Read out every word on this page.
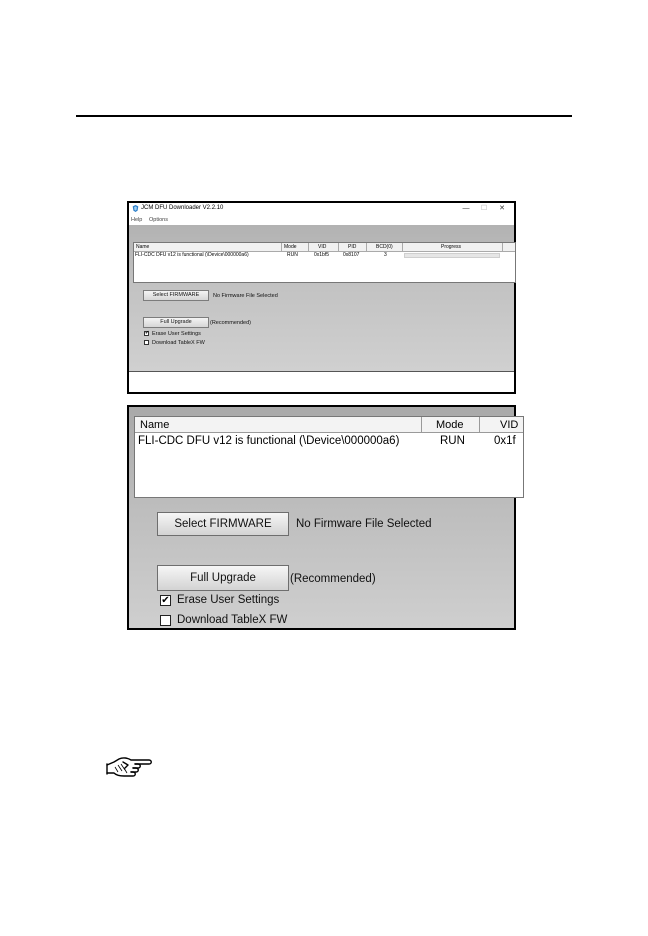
JCM DFU Downloader V2.2.10	—	☐	✕
Help Options
Name	Mode	VID	PID	BCD(0)	Progress
FLI-CDC DFU v12 is functional (\Device\000000a6)	RUN	0x1bf5	0x8107	3
Select FIRMWARE	No Firmware File Selected
Full Upgrade	(Recommended)
✔ Erase User Settings
Download TableX FW
Name	Mode	VID
FLI-CDC DFU v12 is functional (\Device\000000a6)	RUN	0x1f
Select FIRMWARE	No Firmware File Selected
Full Upgrade	(Recommended)
✔ Erase User Settings
Download TableX FW
